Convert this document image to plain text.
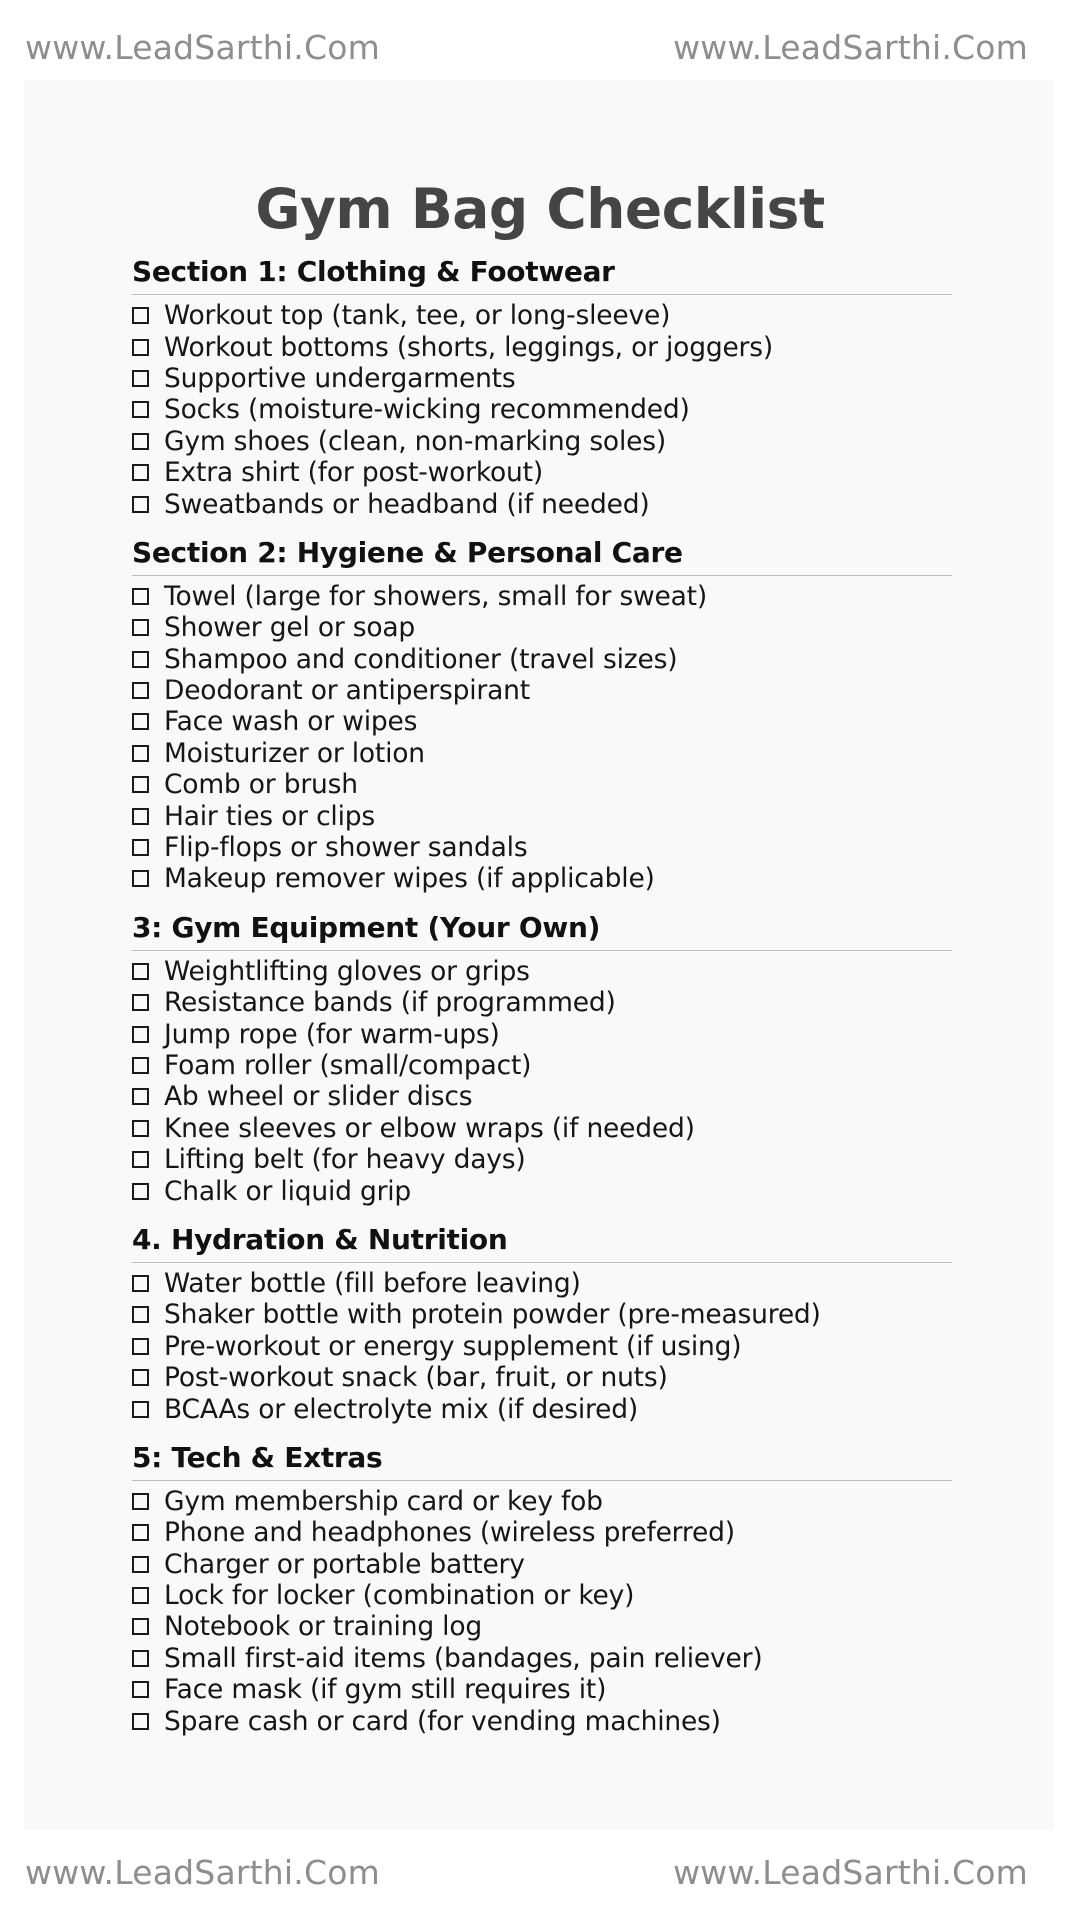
www.LeadSarthi.Com	www.LeadSarthi.Com
Gym Bag Checklist
Section 1: Clothing & Footwear
Workout top (tank, tee, or long-sleeve)
Workout bottoms (shorts, leggings, or joggers)
Supportive undergarments
Socks (moisture-wicking recommended)
Gym shoes (clean, non-marking soles)
Extra shirt (for post-workout)
Sweatbands or headband (if needed)
Section 2: Hygiene & Personal Care
Towel (large for showers, small for sweat)
Shower gel or soap
Shampoo and conditioner (travel sizes)
Deodorant or antiperspirant
Face wash or wipes
Moisturizer or lotion
Comb or brush
Hair ties or clips
Flip-flops or shower sandals
Makeup remover wipes (if applicable)
3: Gym Equipment (Your Own)
Weightlifting gloves or grips
Resistance bands (if programmed)
Jump rope (for warm-ups)
Foam roller (small/compact)
Ab wheel or slider discs
Knee sleeves or elbow wraps (if needed)
Lifting belt (for heavy days)
Chalk or liquid grip
4. Hydration & Nutrition
Water bottle (fill before leaving)
Shaker bottle with protein powder (pre-measured)
Pre-workout or energy supplement (if using)
Post-workout snack (bar, fruit, or nuts)
BCAAs or electrolyte mix (if desired)
5: Tech & Extras
Gym membership card or key fob
Phone and headphones (wireless preferred)
Charger or portable battery
Lock for locker (combination or key)
Notebook or training log
Small first-aid items (bandages, pain reliever)
Face mask (if gym still requires it)
Spare cash or card (for vending machines)
www.LeadSarthi.Com	www.LeadSarthi.Com
